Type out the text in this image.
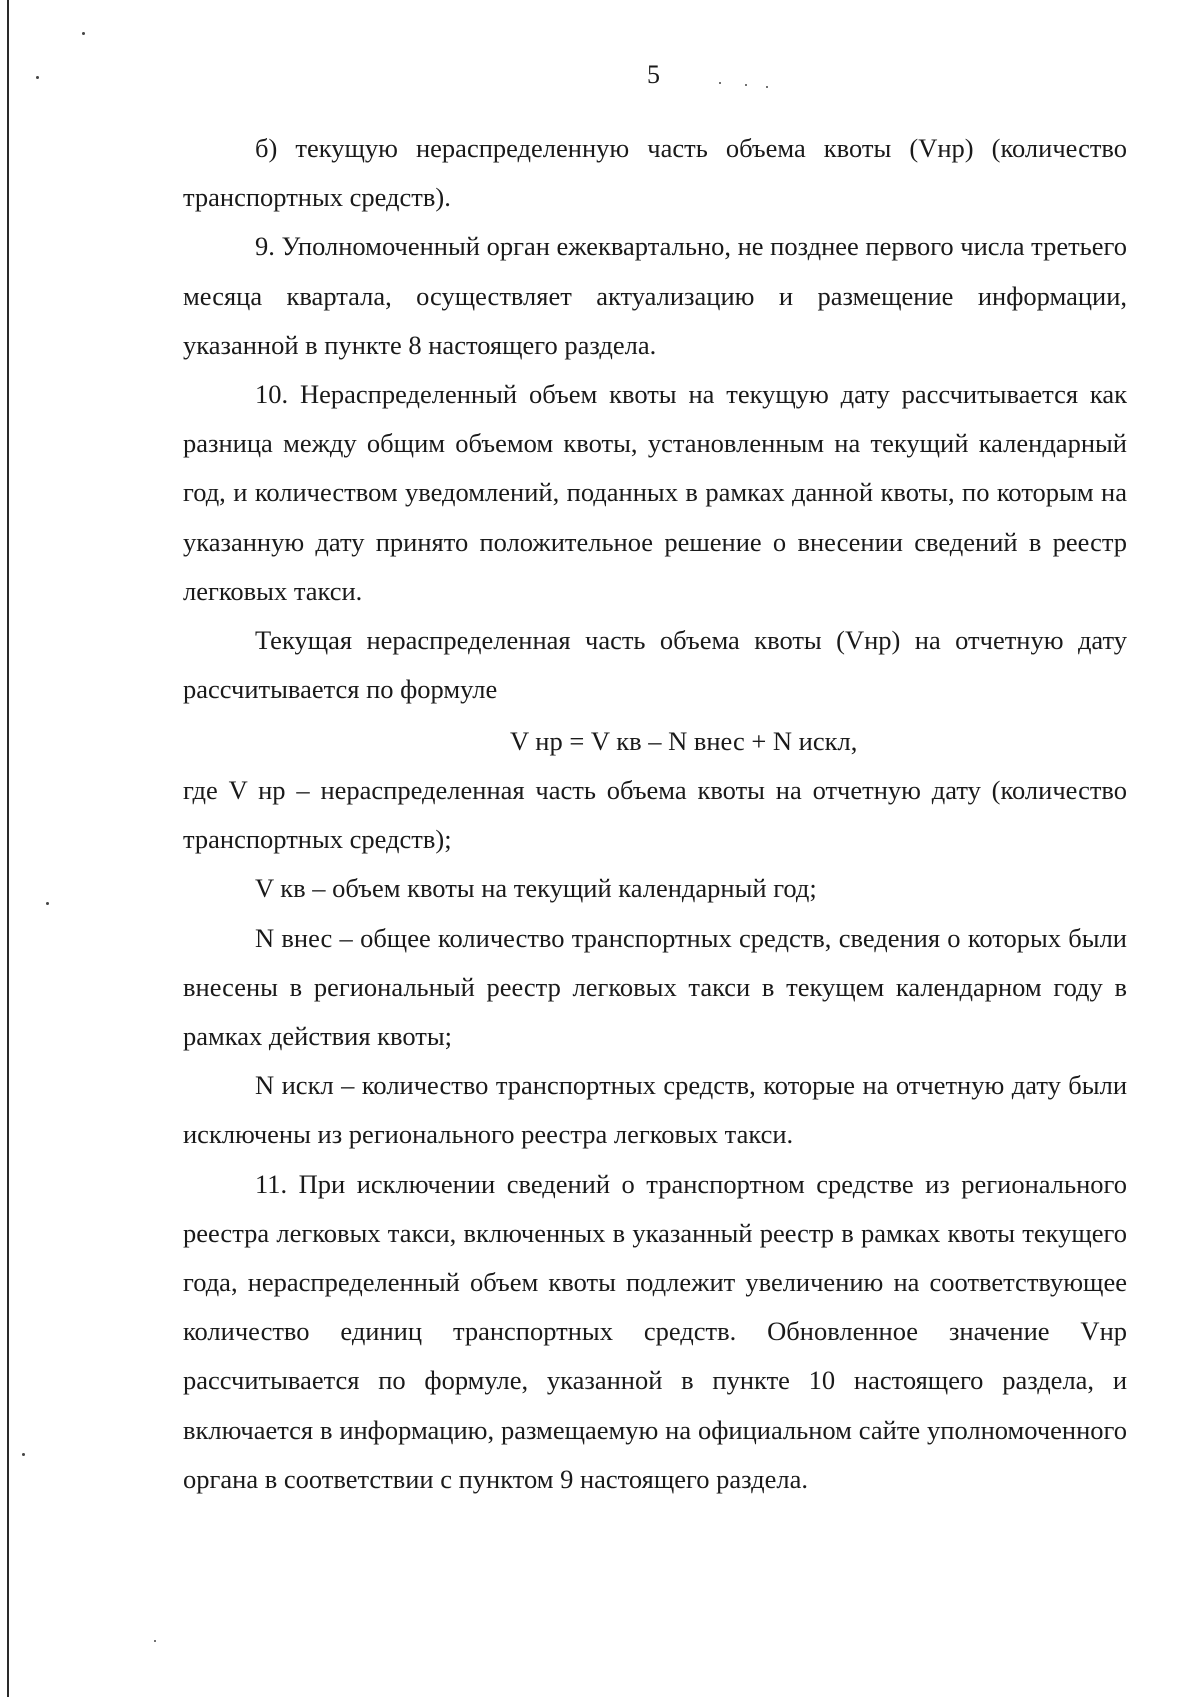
5

б) текущую нераспределенную часть объема квоты (Vнр) (количество транспортных средств).

9. Уполномоченный орган ежеквартально, не позднее первого числа третьего месяца квартала, осуществляет актуализацию и размещение информации, указанной в пункте 8 настоящего раздела.

10. Нераспределенный объем квоты на текущую дату рассчитывается как разница между общим объемом квоты, установленным на текущий календарный год, и количеством уведомлений, поданных в рамках данной квоты, по которым на указанную дату принято положительное решение о внесении сведений в реестр легковых такси.

Текущая нераспределенная часть объема квоты (Vнр) на отчетную дату рассчитывается по формуле

V нр = V кв – N внес + N искл,

где V нр – нераспределенная часть объема квоты на отчетную дату (количество транспортных средств);

V кв – объем квоты на текущий календарный год;

N внес – общее количество транспортных средств, сведения о которых были внесены в региональный реестр легковых такси в текущем календарном году в рамках действия квоты;

N искл – количество транспортных средств, которые на отчетную дату были исключены из регионального реестра легковых такси.

11. При исключении сведений о транспортном средстве из регионального реестра легковых такси, включенных в указанный реестр в рамках квоты текущего года, нераспределенный объем квоты подлежит увеличению на соответствующее количество единиц транспортных средств. Обновленное значение Vнр рассчитывается по формуле, указанной в пункте 10 настоящего раздела, и включается в информацию, размещаемую на официальном сайте уполномоченного органа в соответствии с пунктом 9 настоящего раздела.
